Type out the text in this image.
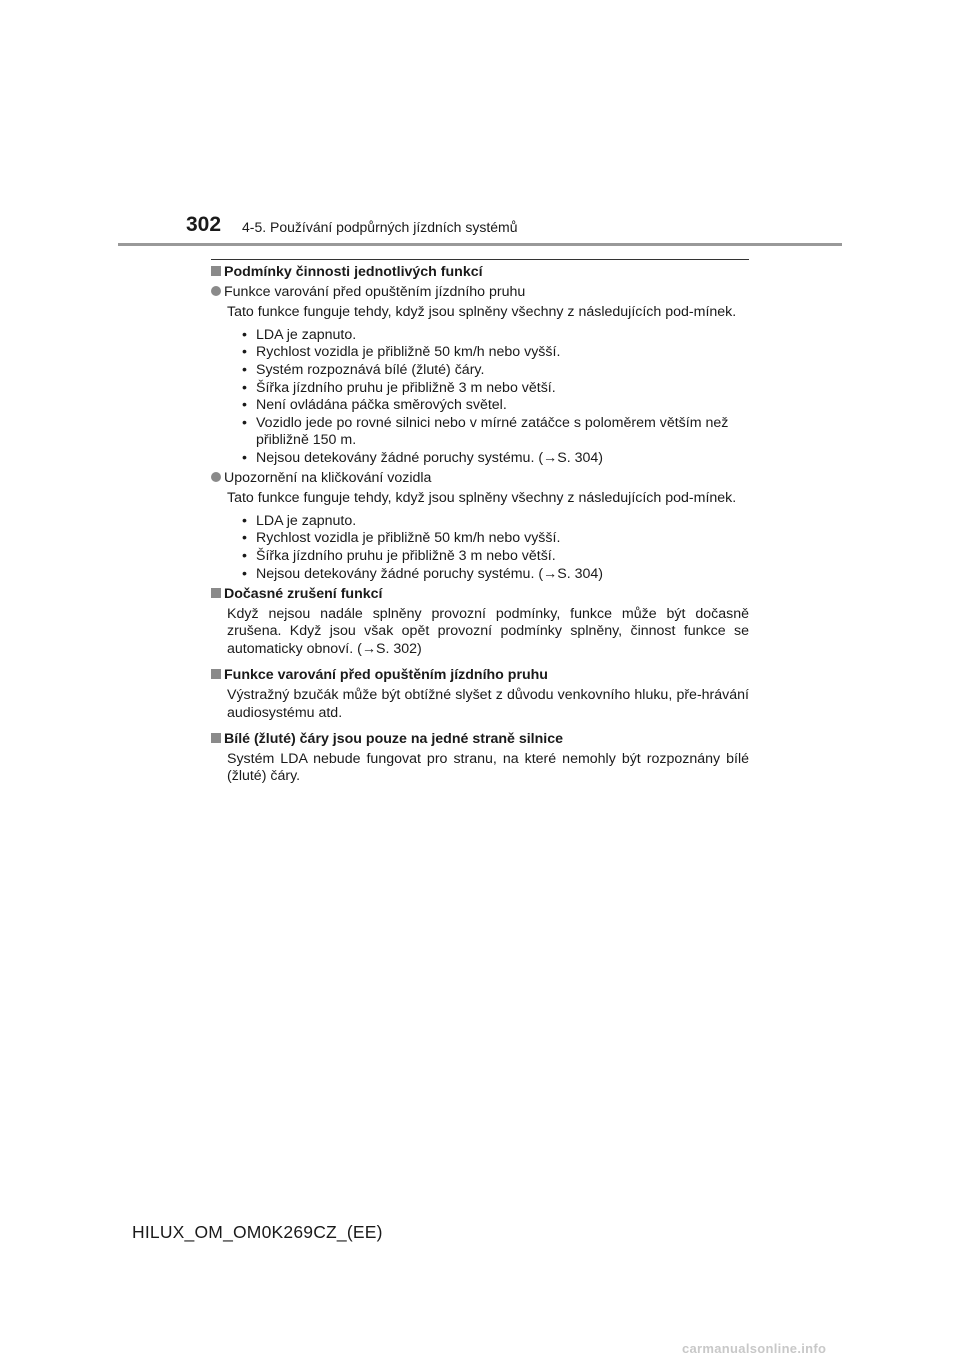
302 4-5. Používání podpůrných jízdních systémů
Podmínky činnosti jednotlivých funkcí
Funkce varování před opuštěním jízdního pruhu
Tato funkce funguje tehdy, když jsou splněny všechny z následujících pod-mínek.
• LDA je zapnuto.
• Rychlost vozidla je přibližně 50 km/h nebo vyšší.
• Systém rozpoznává bílé (žluté) čáry.
• Šířka jízdního pruhu je přibližně 3 m nebo větší.
• Není ovládána páčka směrových světel.
• Vozidlo jede po rovné silnici nebo v mírné zatáčce s poloměrem větším než přibližně 150 m.
• Nejsou detekovány žádné poruchy systému. (→S. 304)
Upozornění na kličkování vozidla
Tato funkce funguje tehdy, když jsou splněny všechny z následujících pod-mínek.
• LDA je zapnuto.
• Rychlost vozidla je přibližně 50 km/h nebo vyšší.
• Šířka jízdního pruhu je přibližně 3 m nebo větší.
• Nejsou detekovány žádné poruchy systému. (→S. 304)
Dočasné zrušení funkcí
Když nejsou nadále splněny provozní podmínky, funkce může být dočasně zrušena. Když jsou však opět provozní podmínky splněny, činnost funkce se automaticky obnoví. (→S. 302)
Funkce varování před opuštěním jízdního pruhu
Výstražný bzučák může být obtížné slyšet z důvodu venkovního hluku, pře-hrávání audiosystému atd.
Bílé (žluté) čáry jsou pouze na jedné straně silnice
Systém LDA nebude fungovat pro stranu, na které nemohly být rozpoznány bílé (žluté) čáry.
HILUX_OM_OM0K269CZ_(EE)
carmanualsonline.info
